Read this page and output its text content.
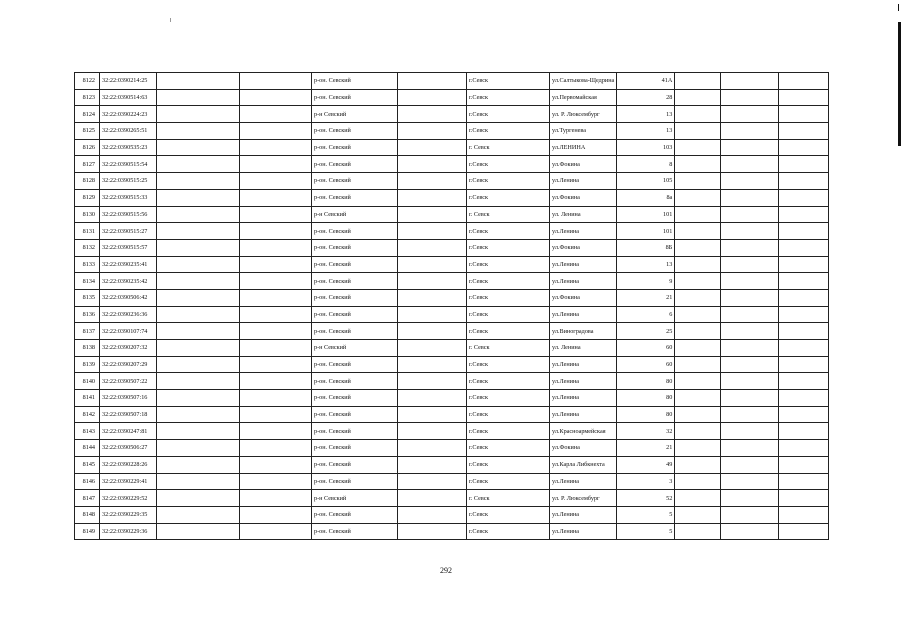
8122	32:22:0390214:25			р-он. Севский		г.Севск	ул.Салтыкова-Щедрина	41А			
8123	32:22:0390514:63			р-он. Севский		г.Севск	ул.Первомайская	28			
8124	32:22:0390224:23			р-н Севский		г.Севск	ул. Р. Люксембург	13			
8125	32:22:0390265:51			р-он. Севский		г.Севск	ул.Тургенева	13			
8126	32:22:0390535:23			р-он. Севский		г. Севск	ул.ЛЕНИНА	103			
8127	32:22:0390515:54			р-он. Севский		г.Севск	ул.Фокина	8			
8128	32:22:0390515:25			р-он. Севский		г.Севск	ул.Ленина	105			
8129	32:22:0390515:33			р-он. Севский		г.Севск	ул.Фокина	8а			
8130	32:22:0390515:56			р-н Севский		г. Севск	ул. Ленина	101			
8131	32:22:0390515:27			р-он. Севский		г.Севск	ул.Ленина	101			
8132	32:22:0390515:57			р-он. Севский		г.Севск	ул.Фокина	8Б			
8133	32:22:0390235:41			р-он. Севский		г.Севск	ул.Ленина	13			
8134	32:22:0390235:42			р-он. Севский		г.Севск	ул.Ленина	9			
8135	32:22:0390506:42			р-он. Севский		г.Севск	ул.Фокина	21			
8136	32:22:0390236:36			р-он. Севский		г.Севск	ул.Ленина	6			
8137	32:22:0390107:74			р-он. Севский		г.Севск	ул.Виноградова	25			
8138	32:22:0390207:32			р-н Севский		г. Севск	ул. Ленина	60			
8139	32:22:0390207:29			р-он. Севский		г.Севск	ул.Ленина	60			
8140	32:22:0390507:22			р-он. Севский		г.Севск	ул.Ленина	80			
8141	32:22:0390507:16			р-он. Севский		г.Севск	ул.Ленина	80			
8142	32:22:0390507:18			р-он. Севский		г.Севск	ул.Ленина	80			
8143	32:22:0390247:81			р-он. Севский		г.Севск	ул.Красноармейская	32			
8144	32:22:0390506:27			р-он. Севский		г.Севск	ул.Фокина	21			
8145	32:22:0390228:26			р-он. Севский		г.Севск	ул.Карла Либкнехта	49			
8146	32:22:0390229:41			р-он. Севский		г.Севск	ул.Ленина	3			
8147	32:22:0390229:52			р-н Севский		г. Севск	ул. Р. Люксембург	52			
8148	32:22:0390229:35			р-он. Севский		г.Севск	ул.Ленина	5			
8149	32:22:0390229:36			р-он. Севский		г.Севск	ул.Ленина	5			
292
